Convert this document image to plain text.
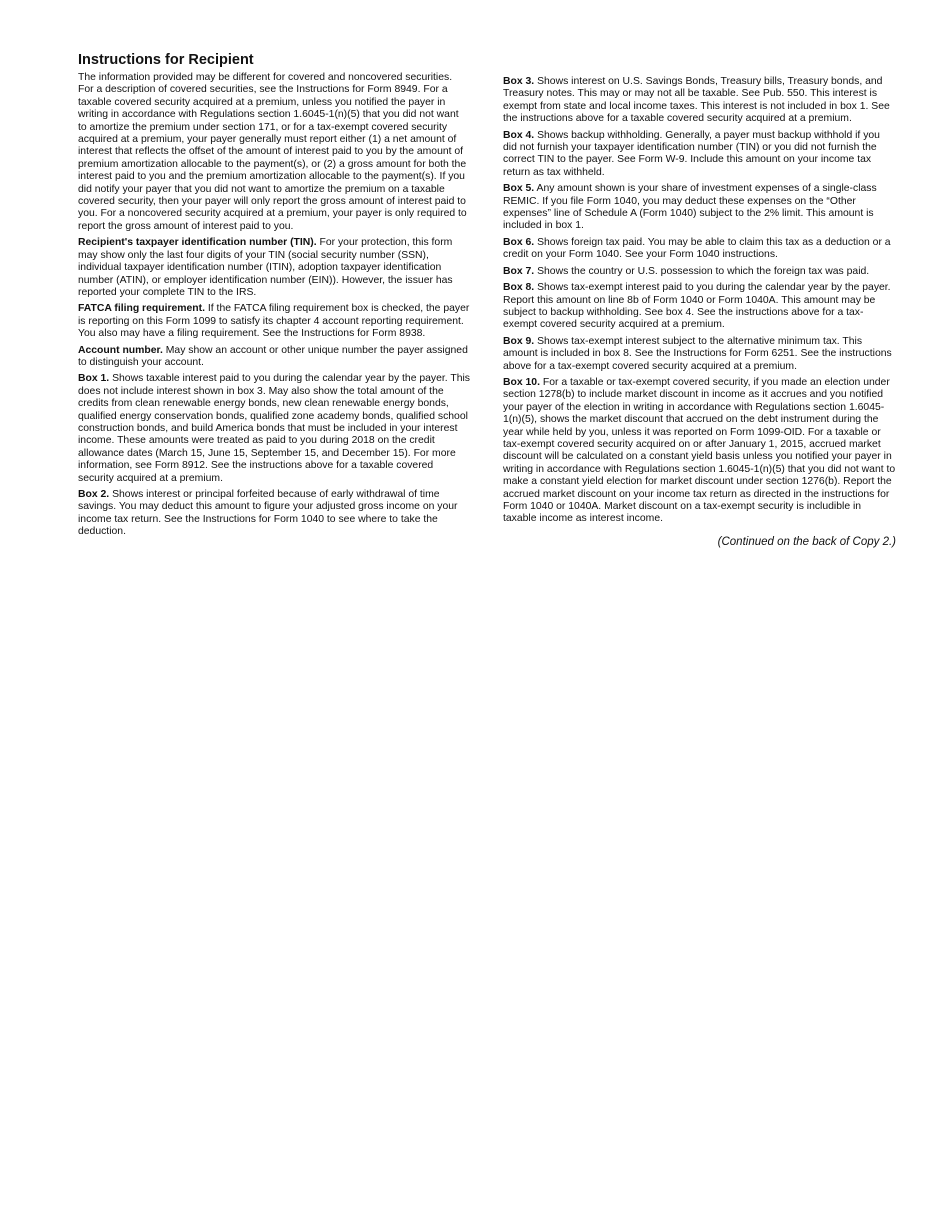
Instructions for Recipient

The information provided may be different for covered and noncovered securities. For a description of covered securities, see the Instructions for Form 8949. For a taxable covered security acquired at a premium, unless you notified the payer in writing in accordance with Regulations section 1.6045-1(n)(5) that you did not want to amortize the premium under section 171, or for a tax-exempt covered security acquired at a premium, your payer generally must report either (1) a net amount of interest that reflects the offset of the amount of interest paid to you by the amount of premium amortization allocable to the payment(s), or (2) a gross amount for both the interest paid to you and the premium amortization allocable to the payment(s). If you did notify your payer that you did not want to amortize the premium on a taxable covered security, then your payer will only report the gross amount of interest paid to you. For a noncovered security acquired at a premium, your payer is only required to report the gross amount of interest paid to you.

Recipient's taxpayer identification number (TIN). For your protection, this form may show only the last four digits of your TIN (social security number (SSN), individual taxpayer identification number (ITIN), adoption taxpayer identification number (ATIN), or employer identification number (EIN)). However, the issuer has reported your complete TIN to the IRS.

FATCA filing requirement. If the FATCA filing requirement box is checked, the payer is reporting on this Form 1099 to satisfy its chapter 4 account reporting requirement. You also may have a filing requirement. See the Instructions for Form 8938.

Account number. May show an account or other unique number the payer assigned to distinguish your account.

Box 1. Shows taxable interest paid to you during the calendar year by the payer. This does not include interest shown in box 3. May also show the total amount of the credits from clean renewable energy bonds, new clean renewable energy bonds, qualified energy conservation bonds, qualified zone academy bonds, qualified school construction bonds, and build America bonds that must be included in your interest income. These amounts were treated as paid to you during 2018 on the credit allowance dates (March 15, June 15, September 15, and December 15). For more information, see Form 8912. See the instructions above for a taxable covered security acquired at a premium.

Box 2. Shows interest or principal forfeited because of early withdrawal of time savings. You may deduct this amount to figure your adjusted gross income on your income tax return. See the Instructions for Form 1040 to see where to take the deduction.

Box 3. Shows interest on U.S. Savings Bonds, Treasury bills, Treasury bonds, and Treasury notes. This may or may not all be taxable. See Pub. 550. This interest is exempt from state and local income taxes. This interest is not included in box 1. See the instructions above for a taxable covered security acquired at a premium.

Box 4. Shows backup withholding. Generally, a payer must backup withhold if you did not furnish your taxpayer identification number (TIN) or you did not furnish the correct TIN to the payer. See Form W-9. Include this amount on your income tax return as tax withheld.

Box 5. Any amount shown is your share of investment expenses of a single-class REMIC. If you file Form 1040, you may deduct these expenses on the “Other expenses” line of Schedule A (Form 1040) subject to the 2% limit. This amount is included in box 1.

Box 6. Shows foreign tax paid. You may be able to claim this tax as a deduction or a credit on your Form 1040. See your Form 1040 instructions.

Box 7. Shows the country or U.S. possession to which the foreign tax was paid.

Box 8. Shows tax-exempt interest paid to you during the calendar year by the payer. Report this amount on line 8b of Form 1040 or Form 1040A. This amount may be subject to backup withholding. See box 4. See the instructions above for a tax-exempt covered security acquired at a premium.

Box 9. Shows tax-exempt interest subject to the alternative minimum tax. This amount is included in box 8. See the Instructions for Form 6251. See the instructions above for a tax-exempt covered security acquired at a premium.

Box 10. For a taxable or tax-exempt covered security, if you made an election under section 1278(b) to include market discount in income as it accrues and you notified your payer of the election in writing in accordance with Regulations section 1.6045-1(n)(5), shows the market discount that accrued on the debt instrument during the year while held by you, unless it was reported on Form 1099-OID. For a taxable or tax-exempt covered security acquired on or after January 1, 2015, accrued market discount will be calculated on a constant yield basis unless you notified your payer in writing in accordance with Regulations section 1.6045-1(n)(5) that you did not want to make a constant yield election for market discount under section 1276(b). Report the accrued market discount on your income tax return as directed in the instructions for Form 1040 or 1040A. Market discount on a tax-exempt security is includible in taxable income as interest income.

(Continued on the back of Copy 2.)
